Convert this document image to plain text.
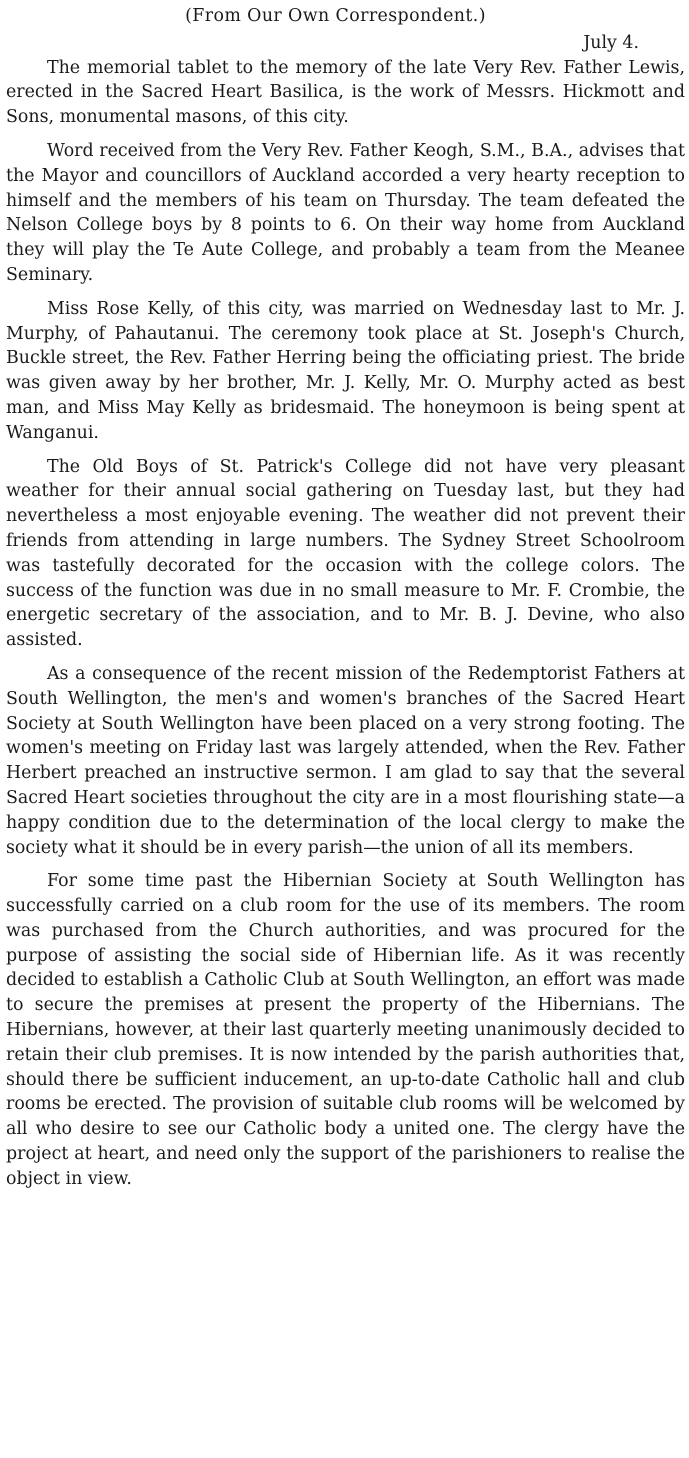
(From Our Own Correspondent.)

July 4.

The memorial tablet to the memory of the late Very Rev. Father Lewis, erected in the Sacred Heart Basilica, is the work of Messrs. Hickmott and Sons, monumental masons, of this city.

Word received from the Very Rev. Father Keogh, S.M., B.A., advises that the Mayor and councillors of Auckland accorded a very hearty reception to himself and the members of his team on Thursday. The team defeated the Nelson College boys by 8 points to 6. On their way home from Auckland they will play the Te Aute College, and probably a team from the Meanee Seminary.

Miss Rose Kelly, of this city, was married on Wednesday last to Mr. J. Murphy, of Pahautanui. The ceremony took place at St. Joseph's Church, Buckle street, the Rev. Father Herring being the officiating priest. The bride was given away by her brother, Mr. J. Kelly, Mr. O. Murphy acted as best man, and Miss May Kelly as bridesmaid. The honeymoon is being spent at Wanganui.

The Old Boys of St. Patrick's College did not have very pleasant weather for their annual social gathering on Tuesday last, but they had nevertheless a most enjoyable evening. The weather did not prevent their friends from attending in large numbers. The Sydney Street Schoolroom was tastefully decorated for the occasion with the college colors. The success of the function was due in no small measure to Mr. F. Crombie, the energetic secretary of the association, and to Mr. B. J. Devine, who also assisted.

As a consequence of the recent mission of the Redemptorist Fathers at South Wellington, the men's and women's branches of the Sacred Heart Society at South Wellington have been placed on a very strong footing. The women's meeting on Friday last was largely attended, when the Rev. Father Herbert preached an instructive sermon. I am glad to say that the several Sacred Heart societies throughout the city are in a most flourishing state—a happy condition due to the determination of the local clergy to make the society what it should be in every parish—the union of all its members.

For some time past the Hibernian Society at South Wellington has successfully carried on a club room for the use of its members. The room was purchased from the Church authorities, and was procured for the purpose of assisting the social side of Hibernian life. As it was recently decided to establish a Catholic Club at South Wellington, an effort was made to secure the premises at present the property of the Hibernians. The Hibernians, however, at their last quarterly meeting unanimously decided to retain their club premises. It is now intended by the parish authorities that, should there be sufficient inducement, an up-to-date Catholic hall and club rooms be erected. The provision of suitable club rooms will be welcomed by all who desire to see our Catholic body a united one. The clergy have the project at heart, and need only the support of the parishioners to realise the object in view.
